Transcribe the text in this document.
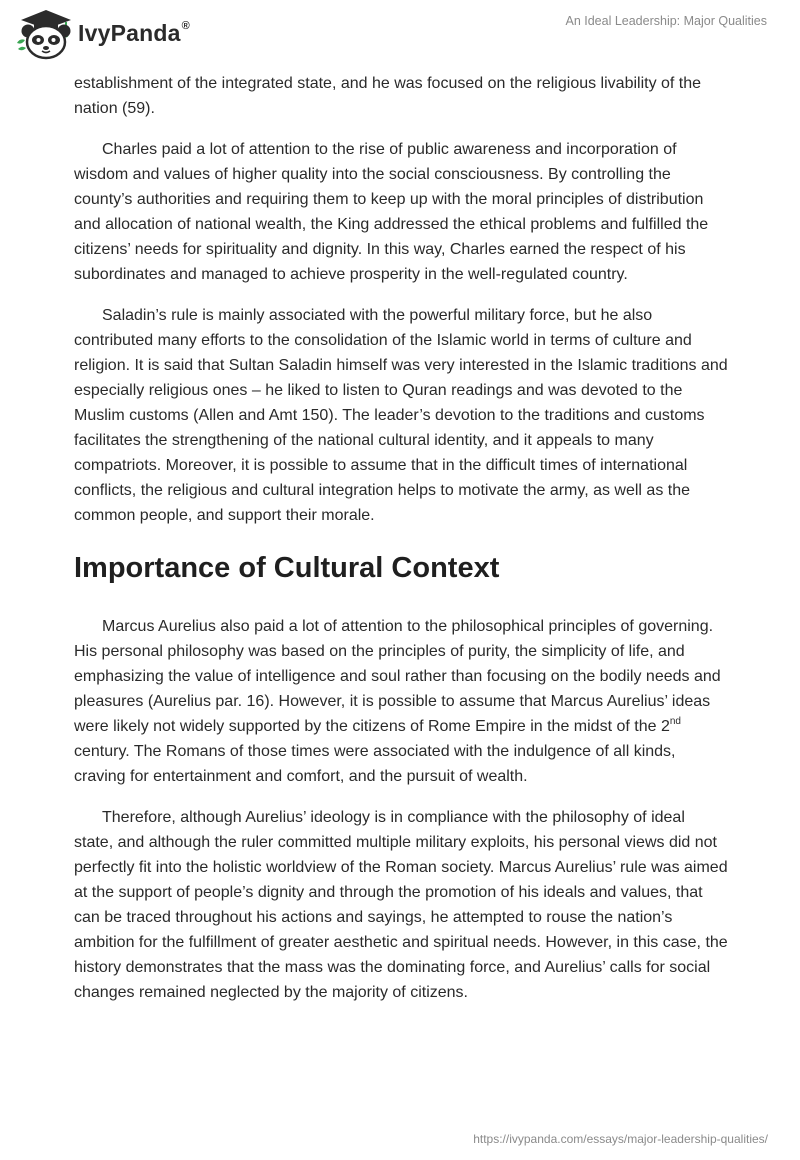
IvyPanda®	An Ideal Leadership: Major Qualities

establishment of the integrated state, and he was focused on the religious livability of the nation (59).

Charles paid a lot of attention to the rise of public awareness and incorporation of wisdom and values of higher quality into the social consciousness. By controlling the county’s authorities and requiring them to keep up with the moral principles of distribution and allocation of national wealth, the King addressed the ethical problems and fulfilled the citizens’ needs for spirituality and dignity. In this way, Charles earned the respect of his subordinates and managed to achieve prosperity in the well-regulated country.

Saladin’s rule is mainly associated with the powerful military force, but he also contributed many efforts to the consolidation of the Islamic world in terms of culture and religion. It is said that Sultan Saladin himself was very interested in the Islamic traditions and especially religious ones – he liked to listen to Quran readings and was devoted to the Muslim customs (Allen and Amt 150). The leader’s devotion to the traditions and customs facilitates the strengthening of the national cultural identity, and it appeals to many compatriots. Moreover, it is possible to assume that in the difficult times of international conflicts, the religious and cultural integration helps to motivate the army, as well as the common people, and support their morale.

Importance of Cultural Context

Marcus Aurelius also paid a lot of attention to the philosophical principles of governing. His personal philosophy was based on the principles of purity, the simplicity of life, and emphasizing the value of intelligence and soul rather than focusing on the bodily needs and pleasures (Aurelius par. 16). However, it is possible to assume that Marcus Aurelius’ ideas were likely not widely supported by the citizens of Rome Empire in the midst of the 2nd century. The Romans of those times were associated with the indulgence of all kinds, craving for entertainment and comfort, and the pursuit of wealth.

Therefore, although Aurelius’ ideology is in compliance with the philosophy of ideal state, and although the ruler committed multiple military exploits, his personal views did not perfectly fit into the holistic worldview of the Roman society. Marcus Aurelius’ rule was aimed at the support of people’s dignity and through the promotion of his ideals and values, that can be traced throughout his actions and sayings, he attempted to rouse the nation’s ambition for the fulfillment of greater aesthetic and spiritual needs. However, in this case, the history demonstrates that the mass was the dominating force, and Aurelius’ calls for social changes remained neglected by the majority of citizens.

https://ivypanda.com/essays/major-leadership-qualities/
